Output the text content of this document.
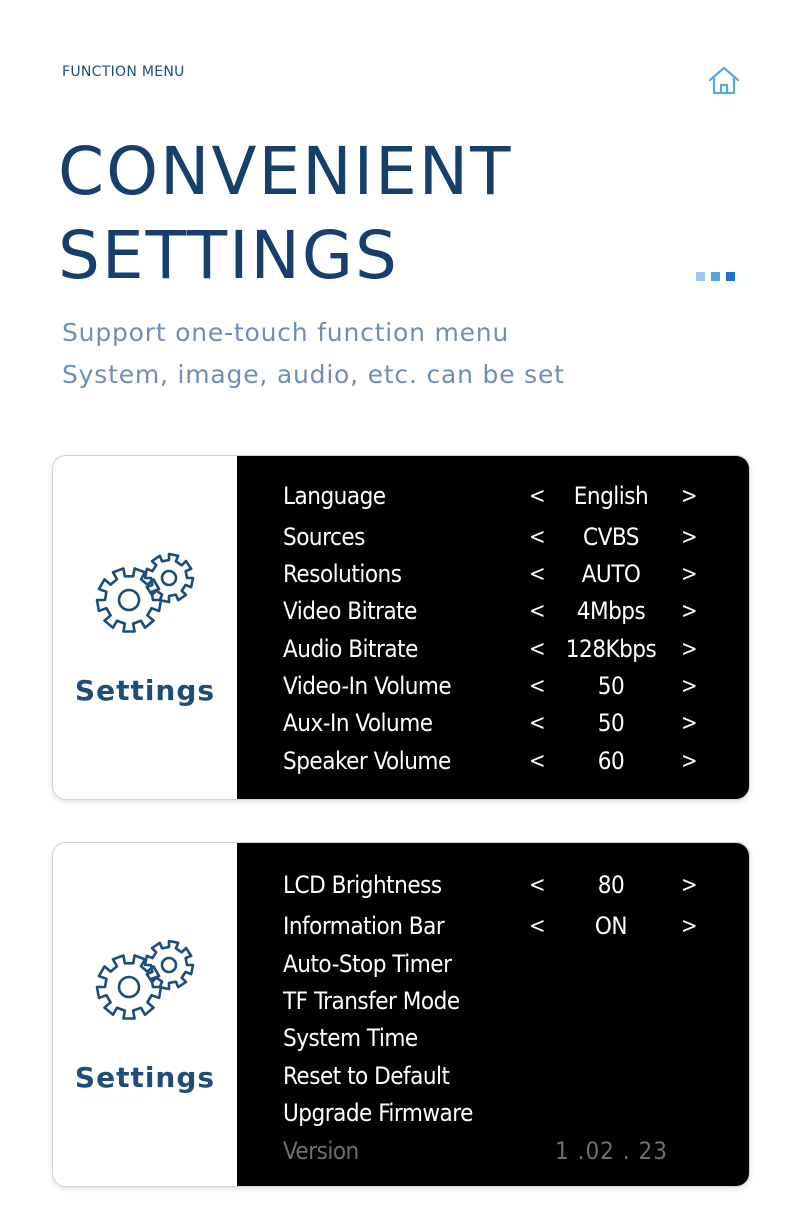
FUNCTION MENU
CONVENIENT
SETTINGS
Support one-touch function menu
System, image, audio, etc. can be set
Settings
Language	<	English	>
Sources	<	CVBS	>
Resolutions	<	AUTO	>
Video Bitrate	<	4Mbps	>
Audio Bitrate	< 128Kbps	>
Video-In Volume	<	50	>
Aux-In Volume	<	50	>
Speaker Volume	<	60	>
Settings
LCD Brightness	<	80	>
Information Bar	<	ON	>
Auto-Stop Timer
TF Transfer Mode
System Time
Reset to Default
Upgrade Firmware
Version	1 .02 . 23
